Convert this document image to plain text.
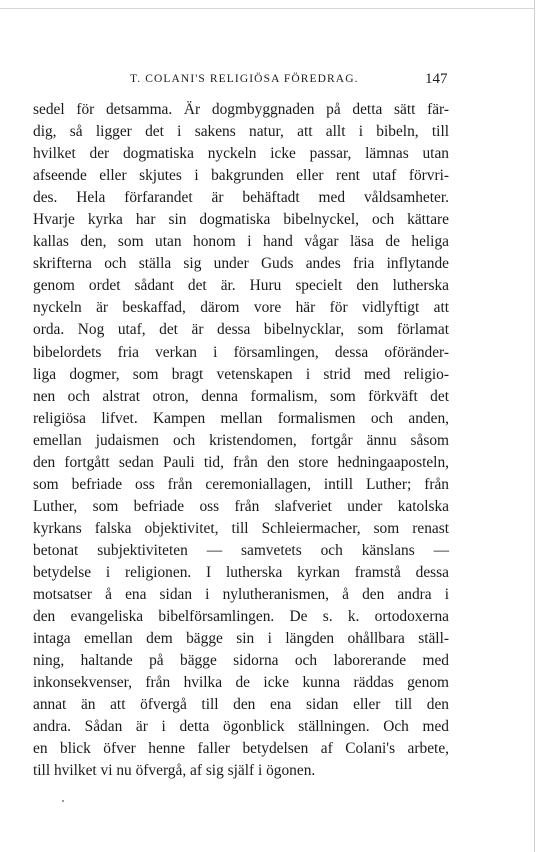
T. COLANI'S RELIGIÖSA FÖREDRAG.	147
sedel för detsamma. Är dogmbyggnaden på detta sätt fär-
dig, så ligger det i sakens natur, att allt i bibeln, till
hvilket der dogmatiska nyckeln icke passar, lämnas utan
afseende eller skjutes i bakgrunden eller rent utaf förvri-
des. Hela förfarandet är behäftadt med våldsamheter.
Hvarje kyrka har sin dogmatiska bibelnyckel, och kättare
kallas den, som utan honom i hand vågar läsa de heliga
skrifterna och ställa sig under Guds andes fria inflytande
genom ordet sådant det är. Huru specielt den lutherska
nyckeln är beskaffad, därom vore här för vidlyftigt att
orda. Nog utaf, det är dessa bibelnycklar, som förlamat
bibelordets fria verkan i församlingen, dessa oföränder-
liga dogmer, som bragt vetenskapen i strid med religio-
nen och alstrat otron, denna formalism, som förkväft det
religiösa lifvet. Kampen mellan formalismen och anden,
emellan judaismen och kristendomen, fortgår ännu såsom
den fortgått sedan Pauli tid, från den store hedningaaposteln,
som befriade oss från ceremoniallagen, intill Luther; från
Luther, som befriade oss från slafveriet under katolska
kyrkans falska objektivitet, till Schleiermacher, som renast
betonat subjektiviteten — samvetets och känslans —
betydelse i religionen. I lutherska kyrkan framstå dessa
motsatser å ena sidan i nylutheranismen, å den andra i
den evangeliska bibelförsamlingen. De s. k. ortodoxerna
intaga emellan dem bägge sin i längden ohållbara ställ-
ning, haltande på bägge sidorna och laborerande med
inkonsekvenser, från hvilka de icke kunna räddas genom
annat än att öfvergå till den ena sidan eller till den
andra. Sådan är i detta ögonblick ställningen. Och med
en blick öfver henne faller betydelsen af Colani's arbete,
till hvilket vi nu öfvergå, af sig själf i ögonen.
